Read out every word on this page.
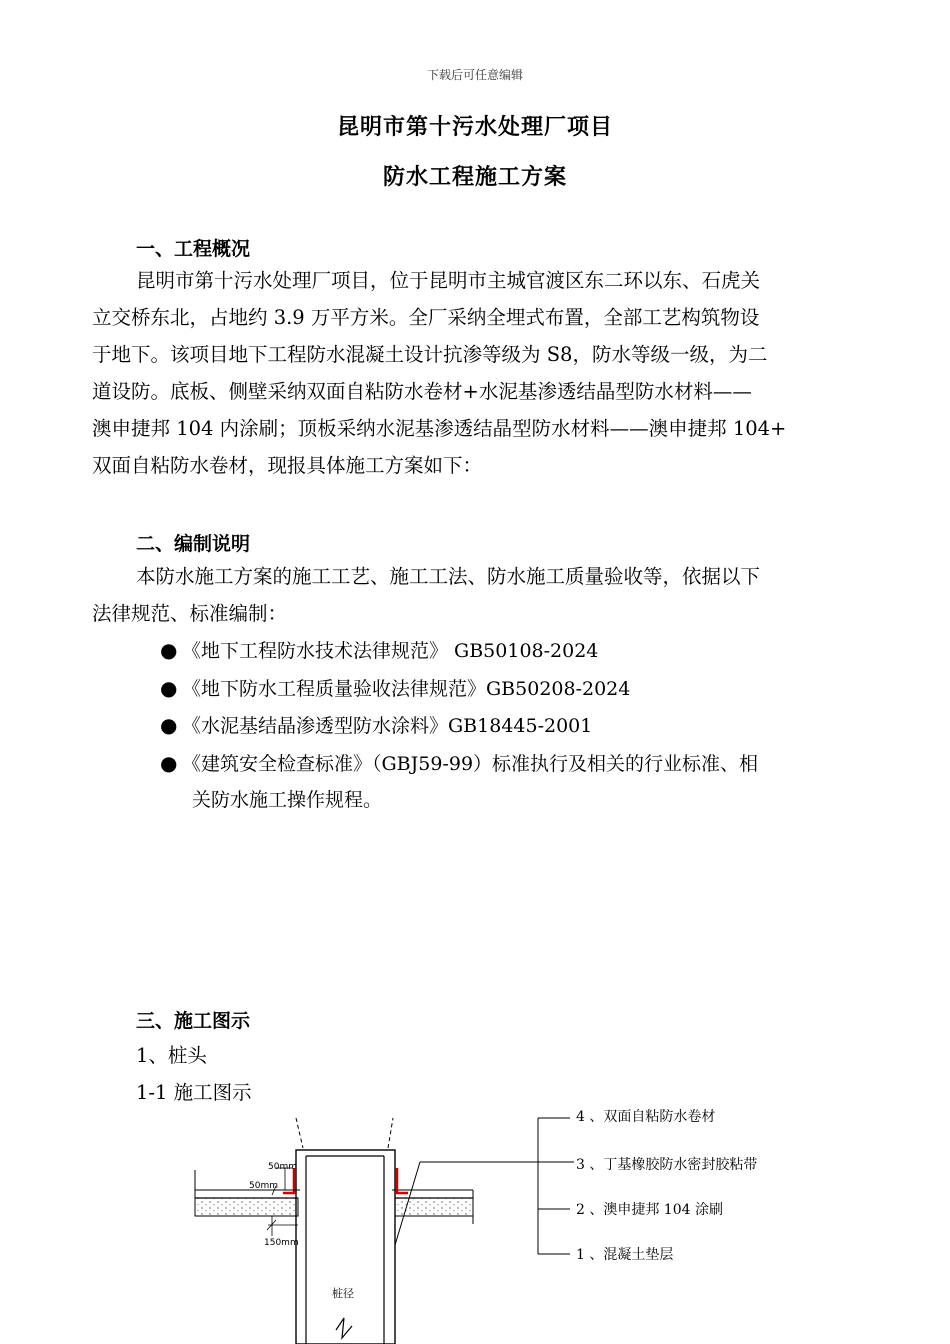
下载后可任意编辑
昆明市第十污水处理厂项目
防水工程施工方案
一、工程概况
昆明市第十污水处理厂项目，位于昆明市主城官渡区东二环以东、石虎关
立交桥东北，占地约 3.9 万平方米。全厂采纳全埋式布置，全部工艺构筑物设
于地下。该项目地下工程防水混凝土设计抗渗等级为 S8，防水等级一级，为二
道设防。底板、侧壁采纳双面自粘防水卷材+水泥基渗透结晶型防水材料——
澳申捷邦 104 内涂刷；顶板采纳水泥基渗透结晶型防水材料——澳申捷邦 104+
双面自粘防水卷材，现报具体施工方案如下：
二、编制说明
本防水施工方案的施工工艺、施工工法、防水施工质量验收等，依据以下
法律规范、标准编制：
● 《地下工程防水技术法律规范》 GB50108-2024
● 《地下防水工程质量验收法律规范》GB50208-2024
● 《水泥基结晶渗透型防水涂料》GB18445-2001
● 《建筑安全检查标准》（GBJ59-99）标准执行及相关的行业标准、相
关防水施工操作规程。
三、施工图示
1、桩头
1-1 施工图示
50mm
50mm
150mm
桩径
4 、双面自粘防水卷材
3 、丁基橡胶防水密封胶粘带
2 、澳申捷邦 104 涂刷
1 、混凝土垫层
